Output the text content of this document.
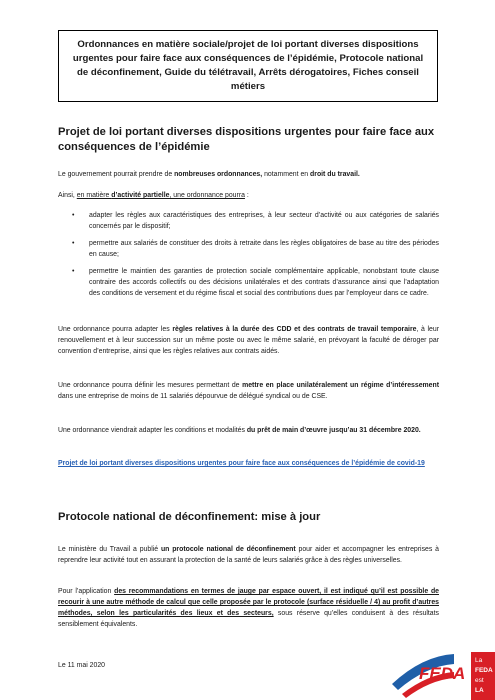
Ordonnances en matière sociale/projet de loi portant diverses dispositions urgentes pour faire face aux conséquences de l’épidémie, Protocole national de déconfinement, Guide du télétravail, Arrêts dérogatoires, Fiches conseil métiers
Projet de loi portant diverses dispositions urgentes pour faire face aux conséquences de l’épidémie
Le gouvernement pourrait prendre de nombreuses ordonnances, notamment en droit du travail.
Ainsi, en matière d’activité partielle, une ordonnance pourra :
• adapter les règles aux caractéristiques des entreprises, à leur secteur d’activité ou aux catégories de salariés concernés par le dispositif;
• permettre aux salariés de constituer des droits à retraite dans les règles obligatoires de base au titre des périodes en cause;
• permettre le maintien des garanties de protection sociale complémentaire applicable, nonobstant toute clause contraire des accords collectifs ou des décisions unilatérales et des contrats d’assurance ainsi que l’adaptation des conditions de versement et du régime fiscal et social des contributions dues par l’employeur dans ce cadre.
Une ordonnance pourra adapter les règles relatives à la durée des CDD et des contrats de travail temporaire, à leur renouvellement et à leur succession sur un même poste ou avec le même salarié, en prévoyant la faculté de déroger par convention d’entreprise, ainsi que les règles relatives aux contrats aidés.
Une ordonnance pourra définir les mesures permettant de mettre en place unilatéralement un régime d’intéressement dans une entreprise de moins de 11 salariés dépourvue de délégué syndical ou de CSE.
Une ordonnance viendrait adapter les conditions et modalités du prêt de main d’œuvre jusqu’au 31 décembre 2020.
Projet de loi portant diverses dispositions urgentes pour faire face aux conséquences de l’épidémie de covid-19
Protocole national de déconfinement: mise à jour
Le ministère du Travail a publié un protocole national de déconfinement pour aider et accompagner les entreprises à reprendre leur activité tout en assurant la protection de la santé de leurs salariés grâce à des règles universelles.
Pour l’application des recommandations en termes de jauge par espace ouvert, il est indiqué qu’il est possible de recourir à une autre méthode de calcul que celle proposée par le protocole (surface résiduelle / 4) au profit d’autres méthodes, selon les particularités des lieux et des secteurs, sous réserve qu’elles conduisent à des résultats sensiblement équivalents.
Le 11 mai 2020	FEDA
La
FEDA
est
LA
